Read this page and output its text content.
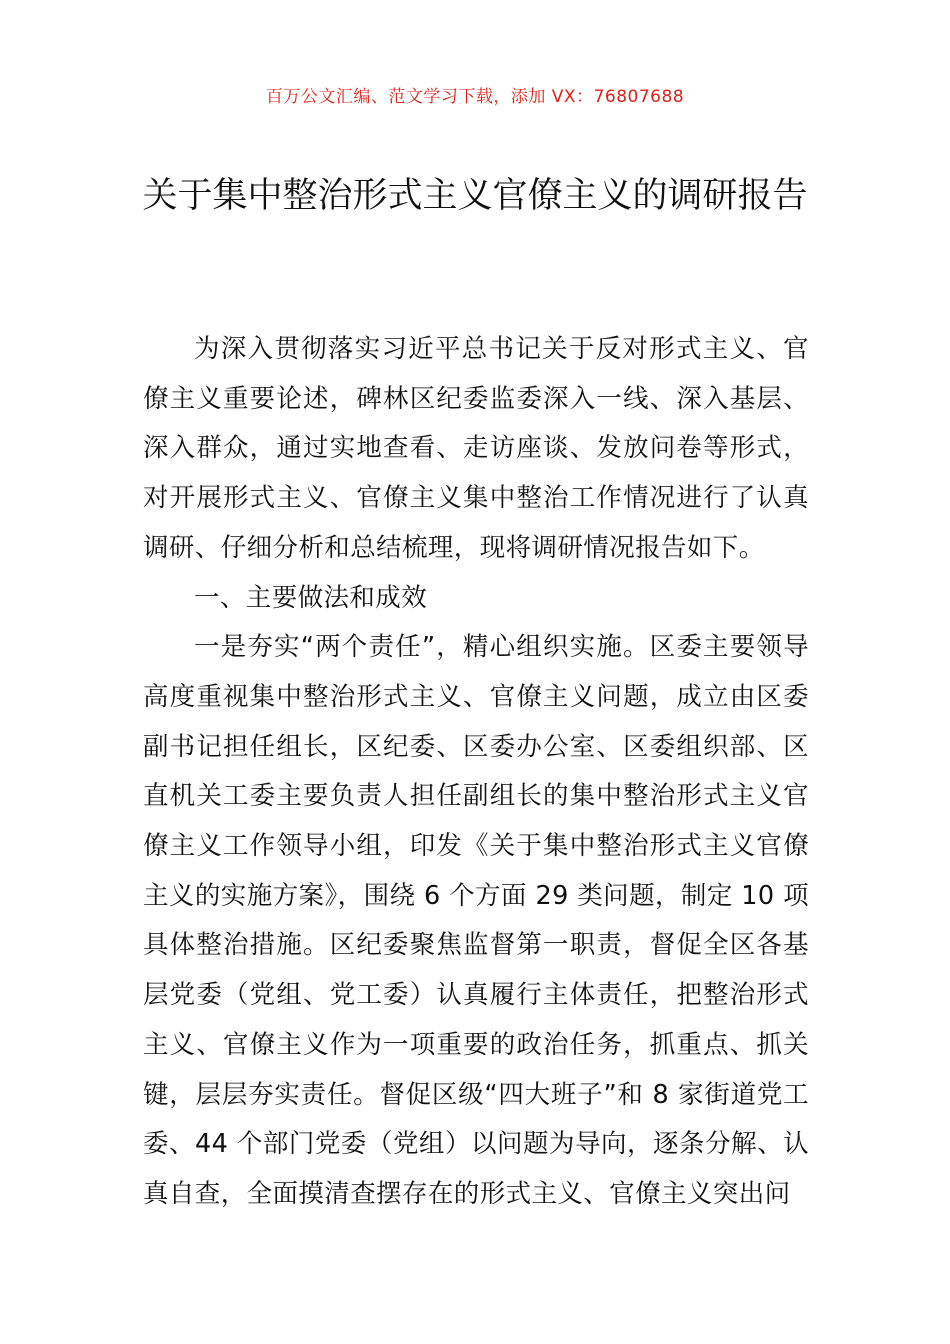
百万公文汇编、范文学习下载，添加 VX：76807688
关于集中整治形式主义官僚主义的调研报告

为深入贯彻落实习近平总书记关于反对形式主义、官僚主义重要论述，碑林区纪委监委深入一线、深入基层、深入群众，通过实地查看、走访座谈、发放问卷等形式，对开展形式主义、官僚主义集中整治工作情况进行了认真调研、仔细分析和总结梳理，现将调研情况报告如下。

一、主要做法和成效

一是夯实“两个责任”，精心组织实施。区委主要领导高度重视集中整治形式主义、官僚主义问题，成立由区委副书记担任组长，区纪委、区委办公室、区委组织部、区直机关工委主要负责人担任副组长的集中整治形式主义官僚主义工作领导小组，印发《关于集中整治形式主义官僚主义的实施方案》，围绕 6 个方面 29 类问题，制定 10 项具体整治措施。区纪委聚焦监督第一职责，督促全区各基层党委（党组、党工委）认真履行主体责任，把整治形式主义、官僚主义作为一项重要的政治任务，抓重点、抓关键，层层夯实责任。督促区级“四大班子”和 8 家街道党工委、44 个部门党委（党组）以问题为导向，逐条分解、认真自查，全面摸清查摆存在的形式主义、官僚主义突出问
